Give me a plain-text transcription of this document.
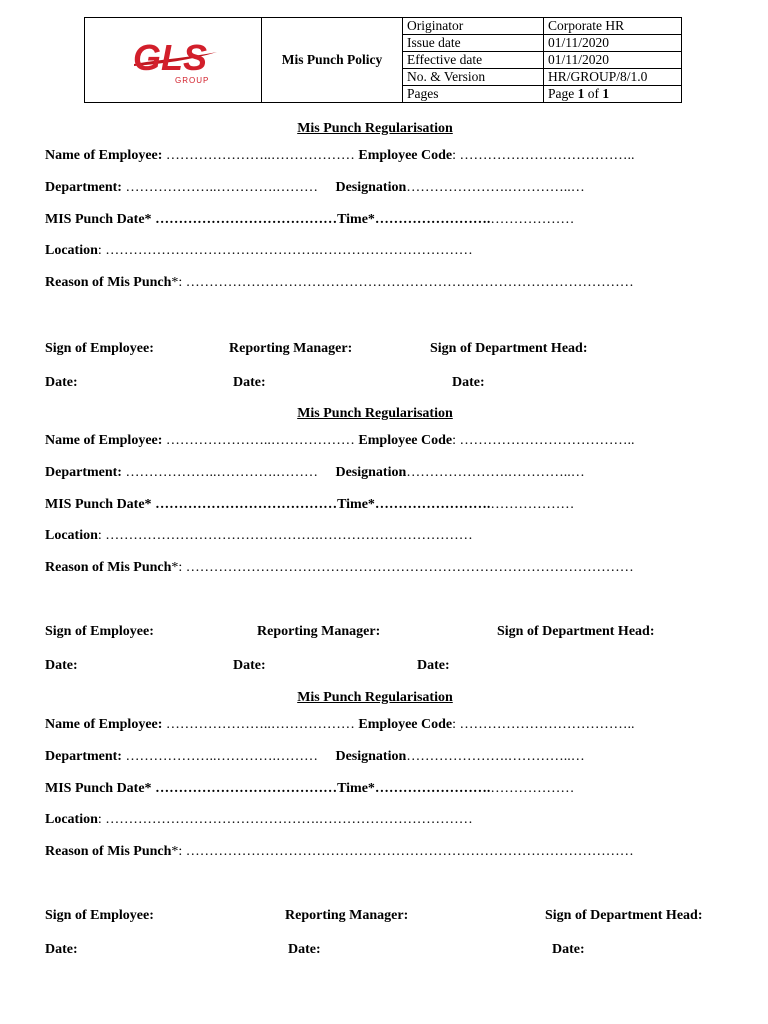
GLS
GROUP	Mis Punch Policy	Originator	Corporate HR
		Issue date	01/11/2020
		Effective date	01/11/2020
		No. & Version	HR/GROUP/8/1.0
		Pages	Page 1 of 1
Mis Punch Regularisation
Name of Employee: …………………..……………… Employee Code: ………………………………..
Department: ………………..………….………     Designation………………….…………..…
MIS Punch Date* …………………………………Time*…………………….………………
Location: ……………………………………….……………………………
Reason of Mis Punch*: ……………………………………………………………………………………
Sign of Employee:	Reporting Manager:	Sign of Department Head:
Date:	Date:	Date:
Mis Punch Regularisation
Name of Employee: …………………..……………… Employee Code: ………………………………..
Department: ………………..………….………     Designation………………….…………..…
MIS Punch Date* …………………………………Time*…………………….………………
Location: ……………………………………….……………………………
Reason of Mis Punch*: ……………………………………………………………………………………
Sign of Employee:	Reporting Manager:	Sign of Department Head:
Date:	Date:	Date:
Mis Punch Regularisation
Name of Employee: …………………..……………… Employee Code: ………………………………..
Department: ………………..………….………     Designation………………….…………..…
MIS Punch Date* …………………………………Time*…………………….………………
Location: ……………………………………….……………………………
Reason of Mis Punch*: ……………………………………………………………………………………
Sign of Employee:	Reporting Manager:	Sign of Department Head:
Date:	Date:	Date:
